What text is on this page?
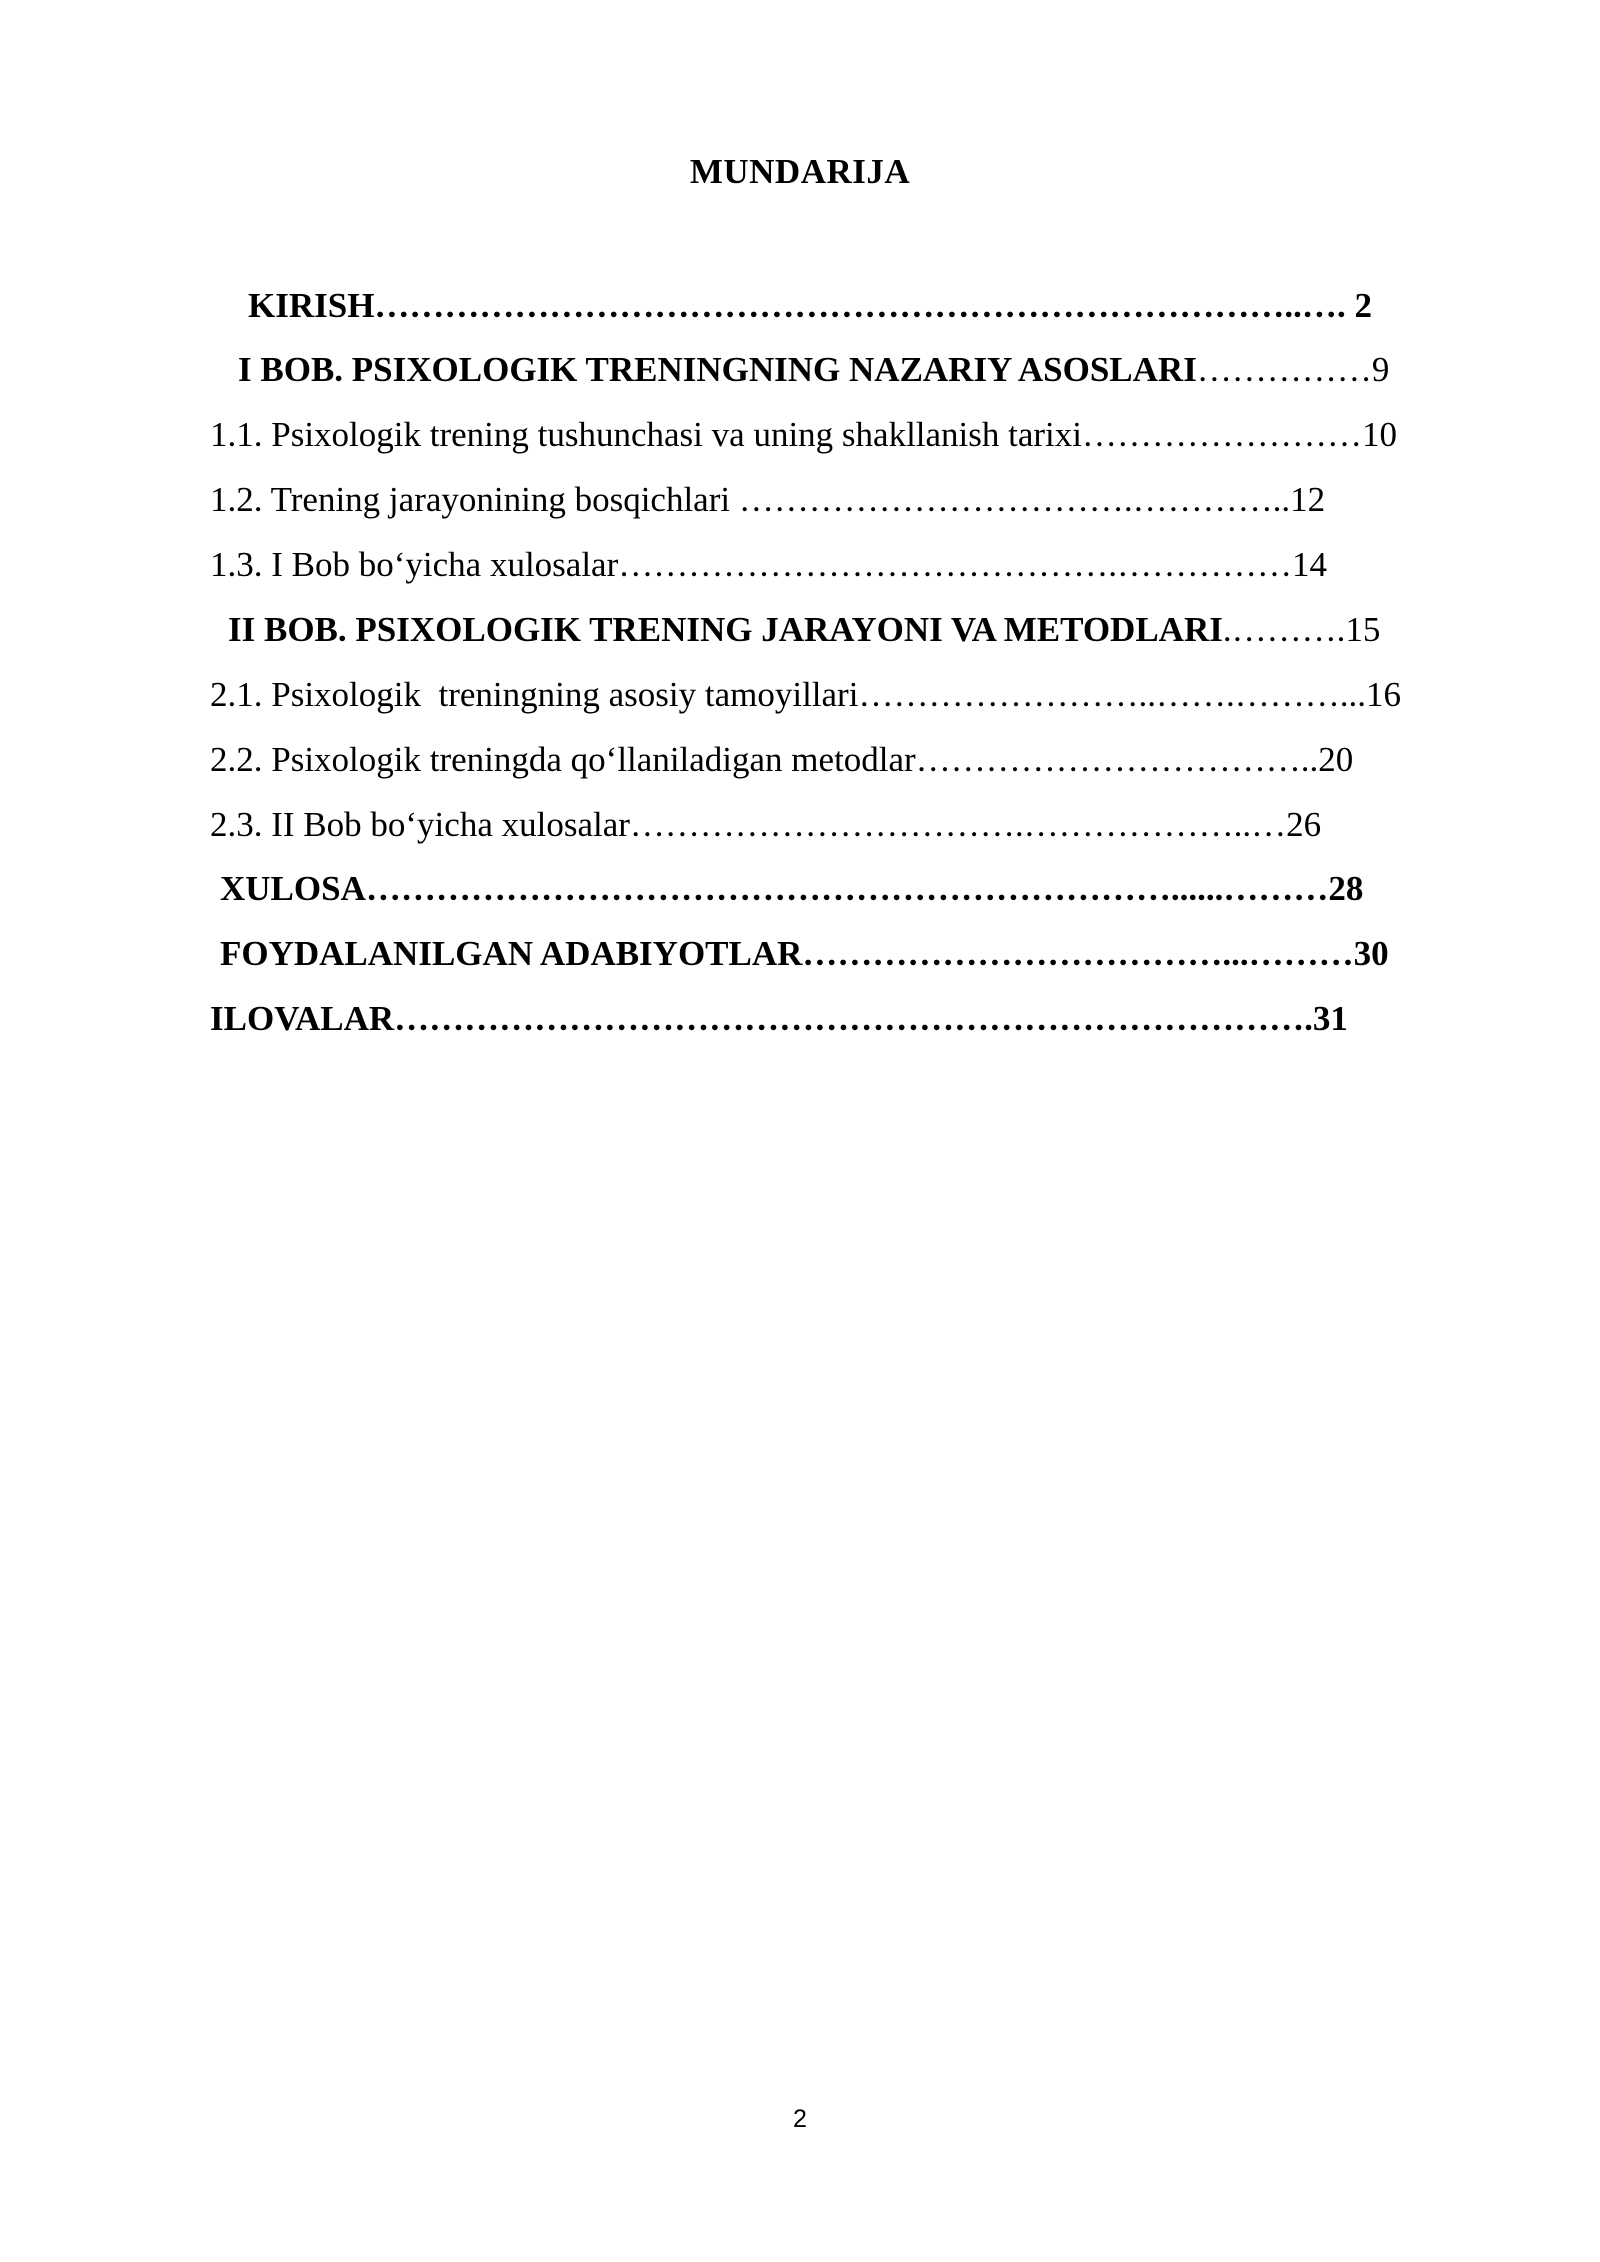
MUNDARIJA
KIRISH……………………………………………………………………..…. 2
I BOB. PSIXOLOGIK TRENINGNING NAZARIY ASOSLARI……………9
1.1. Psixologik trening tushunchasi va uning shakllanish tarixi……………………10
1.2. Trening jarayonining bosqichlari …………………………….…………..12
1.3. I Bob bo‘yicha xulosalar…………………………………….……………14
II BOB. PSIXOLOGIK TRENING JARAYONI VA METODLARI.……….15
2.1. Psixologik  treningning asosiy tamoyillari……………………..…….………...16
2.2. Psixologik treningda qo‘llaniladigan metodlar……………………………..20
2.3. II Bob bo‘yicha xulosalar…………………………….………………..…26
XULOSA……………………………………………………………......………28
FOYDALANILGAN ADABIYOTLAR………………………………...………30
ILOVALAR…………………………………………………………………….31
2
